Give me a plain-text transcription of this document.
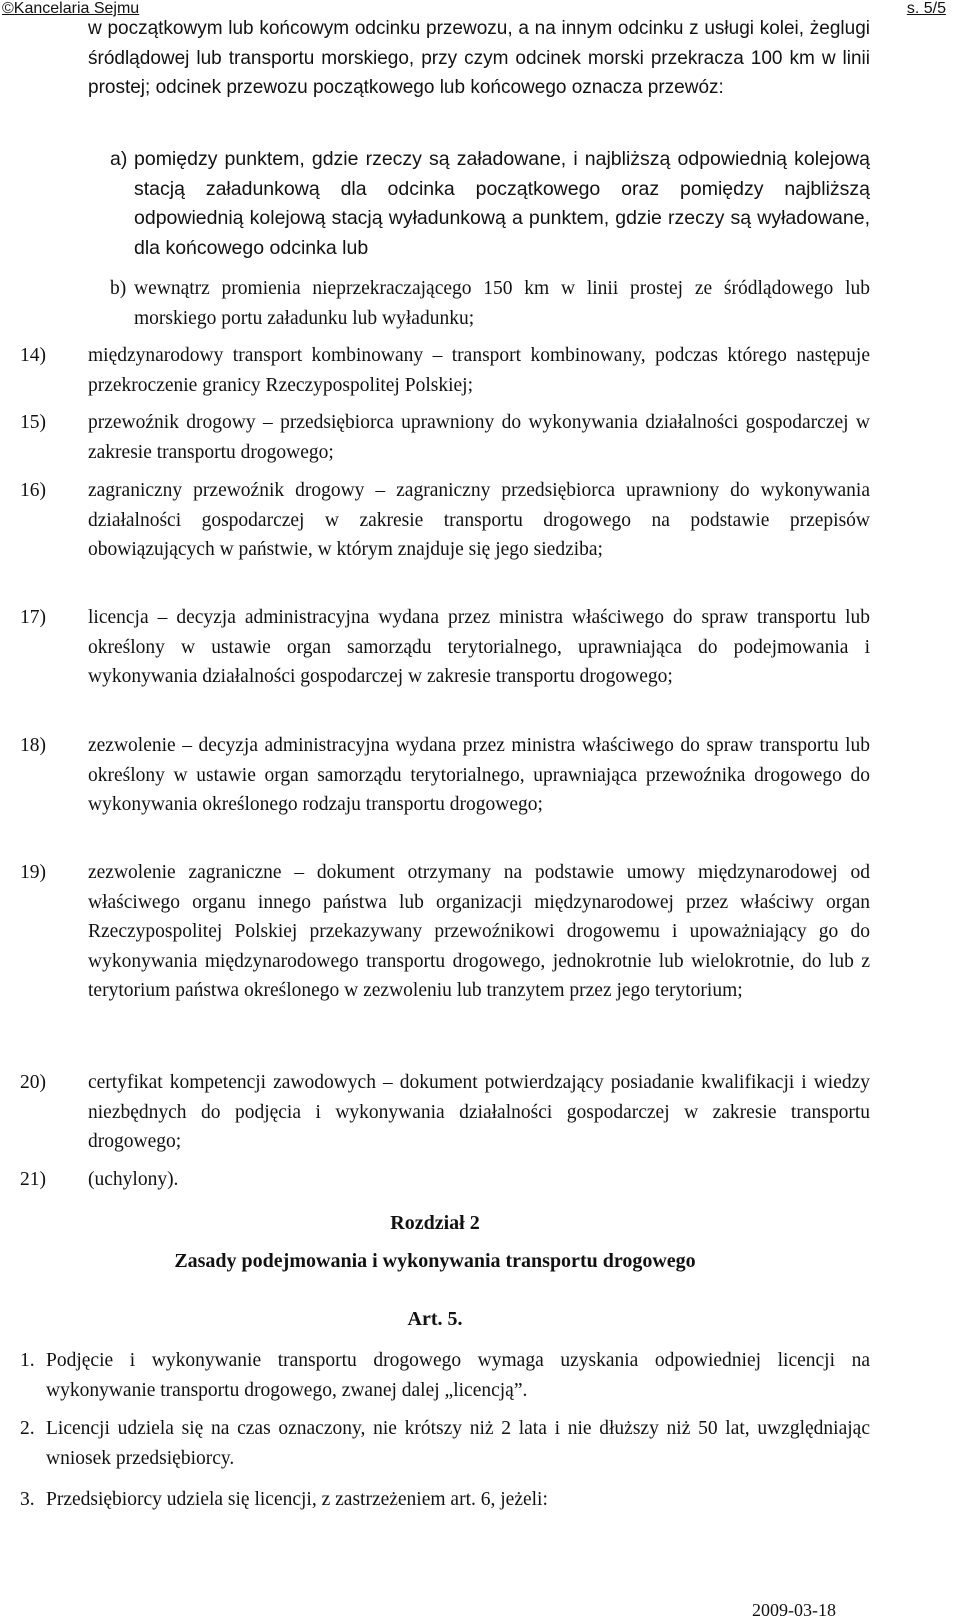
©Kancelaria Sejmu	s. 5/5

w początkowym lub końcowym odcinku przewozu, a na innym odcinku z usługi kolei, żeglugi śródlądowej lub transportu morskiego, przy czym odcinek morski przekracza 100 km w linii prostej; odcinek przewozu początkowego lub końcowego oznacza przewóz:

a) pomiędzy punktem, gdzie rzeczy są załadowane, i najbliższą odpowiednią kolejową stacją załadunkową dla odcinka początkowego oraz pomiędzy najbliższą odpowiednią kolejową stacją wyładunkową a punktem, gdzie rzeczy są wyładowane, dla końcowego odcinka lub
b) wewnątrz promienia nieprzekraczającego 150 km w linii prostej ze śródlądowego lub morskiego portu załadunku lub wyładunku;
14) międzynarodowy transport kombinowany – transport kombinowany, podczas którego następuje przekroczenie granicy Rzeczypospolitej Polskiej;
15) przewoźnik drogowy – przedsiębiorca uprawniony do wykonywania działalności gospodarczej w zakresie transportu drogowego;
16) zagraniczny przewoźnik drogowy – zagraniczny przedsiębiorca uprawniony do wykonywania działalności gospodarczej w zakresie transportu drogowego na podstawie przepisów obowiązujących w państwie, w którym znajduje się jego siedziba;
17) licencja – decyzja administracyjna wydana przez ministra właściwego do spraw transportu lub określony w ustawie organ samorządu terytorialnego, uprawniająca do podejmowania i wykonywania działalności gospodarczej w zakresie transportu drogowego;
18) zezwolenie – decyzja administracyjna wydana przez ministra właściwego do spraw transportu lub określony w ustawie organ samorządu terytorialnego, uprawniająca przewoźnika drogowego do wykonywania określonego rodzaju transportu drogowego;
19) zezwolenie zagraniczne – dokument otrzymany na podstawie umowy międzynarodowej od właściwego organu innego państwa lub organizacji międzynarodowej przez właściwy organ Rzeczypospolitej Polskiej przekazywany przewoźnikowi drogowemu i upoważniający go do wykonywania międzynarodowego transportu drogowego, jednokrotnie lub wielokrotnie, do lub z terytorium państwa określonego w zezwoleniu lub tranzytem przez jego terytorium;
20) certyfikat kompetencji zawodowych – dokument potwierdzający posiadanie kwalifikacji i wiedzy niezbędnych do podjęcia i wykonywania działalności gospodarczej w zakresie transportu drogowego;
21) (uchylony).
Rozdział 2
Zasady podejmowania i wykonywania transportu drogowego
Art. 5.
1. Podjęcie i wykonywanie transportu drogowego wymaga uzyskania odpowiedniej licencji na wykonywanie transportu drogowego, zwanej dalej „licencją”.
2. Licencji udziela się na czas oznaczony, nie krótszy niż 2 lata i nie dłuższy niż 50 lat, uwzględniając wniosek przedsiębiorcy.
3. Przedsiębiorcy udziela się licencji, z zastrzeżeniem art. 6, jeżeli:
2009-03-18
